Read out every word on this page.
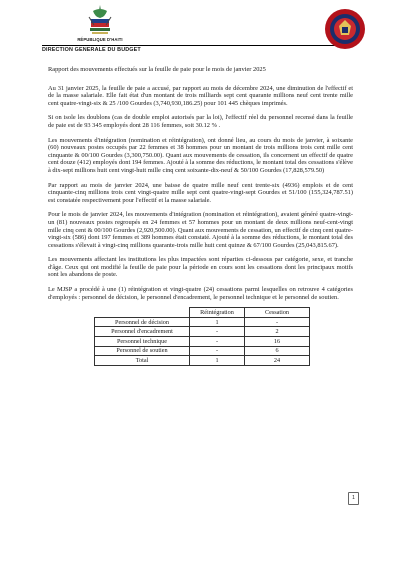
RÉPUBLIQUE D'HAITI
DIRECTION GENERALE DU BUDGET

Rapport des mouvements effectués sur la feuille de paie pour le mois de janvier 2025

Au 31 janvier 2025, la feuille de paie a accusé, par rapport au mois de décembre 2024, une diminution de l'effectif et de la masse salariale. Elle fait état d'un montant de trois milliards sept cent quarante millions neuf cent trente mille cent quatre-vingt-six & 25 /100 Gourdes (3,740,930,186.25) pour 101 445 chèques imprimés.

Si on isole les doublons (cas de double emploi autorisés par la loi), l'effectif réel du personnel recensé dans la feuille de paie est de 93 345 employés dont 28 116 femmes, soit 30.12 % .

Les mouvements d'intégration (nomination et réintégration), ont donné lieu, au cours du mois de janvier, à soixante (60) nouveaux postes occupés par 22 femmes et 38 hommes pour un montant de trois millions trois cent mille cent cinquante & 00/100 Gourdes (3,300,750.00). Quant aux mouvements de cessation, ils concernent un effectif de quatre cent douze (412) employés dont 194 femmes. Ajouté à la somme des réductions, le montant total des cessations s'élève à dix-sept millions huit cent vingt-huit mille cinq cent soixante-dix-neuf & 50/100 Gourdes (17,828,579.50)

Par rapport au mois de janvier 2024, une baisse de quatre mille neuf cent trente-six (4936) emplois et de cent cinquante-cinq millions trois cent vingt-quatre mille sept cent quatre-vingt-sept Gourdes et 51/100 (155,324,787.51) est constatée respectivement pour l'effectif et la masse salariale.

Pour le mois de janvier 2024, les mouvements d'intégration (nomination et réintégration), avaient généré quatre-vingt-un (81) nouveaux postes regroupés en 24 femmes et 57 hommes pour un montant de deux millions neuf-cent-vingt mille cinq cent & 00/100 Gourdes (2,920,500.00). Quant aux mouvements de cessation, un effectif de cinq cent quatre-vingt-six (586) dont 197 femmes et 389 hommes était constaté. Ajouté à la somme des réductions, le montant total des cessations s'élevait à vingt-cinq millions quarante-trois mille huit cent quinze & 67/100 Gourdes (25,043,815.67).

Les mouvements affectant les institutions les plus impactées sont réparties ci-dessous par catégorie, sexe, et tranche d'âge. Ceux qui ont modifié la feuille de paie pour la période en cours sont les cessations dont les principaux motifs sont les abandons de poste.

Le MJSP a procédé à une (1) réintégration et vingt-quatre (24) cessations parmi lesquelles on retrouve 4 catégories d'employés : personnel de décision, le personnel d'encadrement, le personnel technique et le personnel de soutien.

	Réintégration	Cessation
Personnel de décision	1	-
Personnel d'encadrement	-	2
Personnel technique	-	16
Personnel de soutien	-	6
Total	1	24
1
